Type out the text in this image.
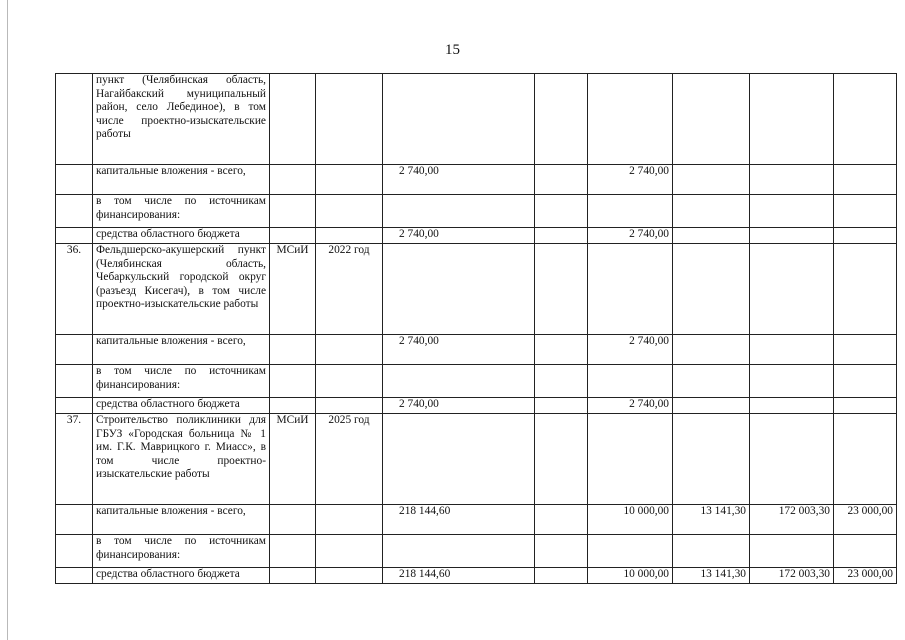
15
	пункт (Челябинская область, Нагайбакский муниципальный район, село Лебединое), в том числе проектно-изыскательские работы								
	капитальные вложения - всего,			2 740,00		2 740,00			
	в том числе по источникам финансирования:								
	средства областного бюджета			2 740,00		2 740,00			
36.	Фельдшерско-акушерский пункт (Челябинская область, Чебаркульский городской округ (разъезд Кисегач), в том числе проектно-изыскательские работы	МСиИ	2022 год						
	капитальные вложения - всего,			2 740,00		2 740,00			
	в том числе по источникам финансирования:								
	средства областного бюджета			2 740,00		2 740,00			
37.	Строительство поликлиники для ГБУЗ «Городская больница № 1 им. Г.К. Маврицкого г. Миасс», в том числе проектно-изыскательские работы	МСиИ	2025 год						
	капитальные вложения - всего,			218 144,60		10 000,00	13 141,30	172 003,30	23 000,00
	в том числе по источникам финансирования:								
	средства областного бюджета			218 144,60		10 000,00	13 141,30	172 003,30	23 000,00
